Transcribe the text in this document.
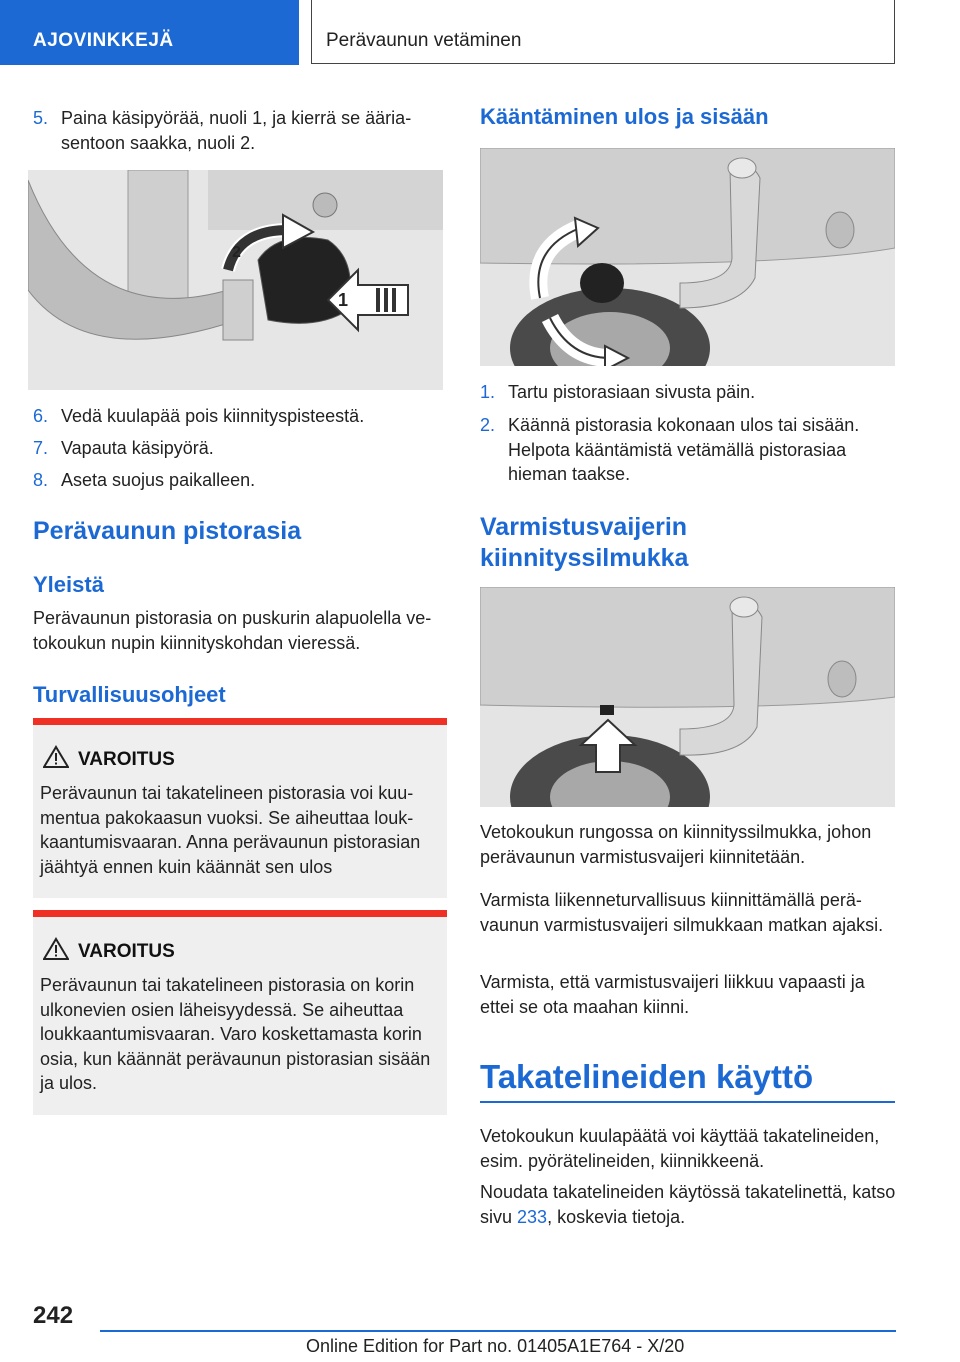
AJOVINKKEJÄ	Perävaunun vetäminen
5. Paina käsipyörää, nuoli 1, ja kierrä se ääriasentoon saakka, nuoli 2.
1
2
6. Vedä kuulapää pois kiinnityspisteestä.
7. Vapauta käsipyörä.
8. Aseta suojus paikalleen.
Perävaunun pistorasia
Yleistä
Perävaunun pistorasia on puskurin alapuolella vetokoukun nupin kiinnityskohdan vieressä.
Turvallisuusohjeet
VAROITUS
Perävaunun tai takatelineen pistorasia voi kuumentua pakokaasun vuoksi. Se aiheuttaa loukkaantumisvaaran. Anna perävaunun pistorasian jäähtyä ennen kuin käännät sen ulos
VAROITUS
Perävaunun tai takatelineen pistorasia on korin ulkonevien osien läheisyydessä. Se aiheuttaa loukkaantumisvaaran. Varo koskettamasta korin osia, kun käännät perävaunun pistorasian sisään ja ulos.
Kääntäminen ulos ja sisään
1. Tartu pistorasiaan sivusta päin.
2. Käännä pistorasia kokonaan ulos tai sisään. Helpota kääntämistä vetämällä pistorasiaa hieman taakse.
Varmistusvaijerin kiinnityssilmukka
Vetokoukun rungossa on kiinnityssilmukka, johon perävaunun varmistusvaijeri kiinnitetään.
Varmista liikenneturvallisuus kiinnittämällä perävaunun varmistusvaijeri silmukkaan matkan ajaksi.
Varmista, että varmistusvaijeri liikkuu vapaasti ja ettei se ota maahan kiinni.
Takatelineiden käyttö
Vetokoukun kuulapäätä voi käyttää takatelineiden, esim. pyörätelineiden, kiinnikkeenä.
Noudata takatelineiden käytössä takatelinettä, katso sivu 233, koskevia tietoja.
242
Online Edition for Part no. 01405A1E764 - X/20
